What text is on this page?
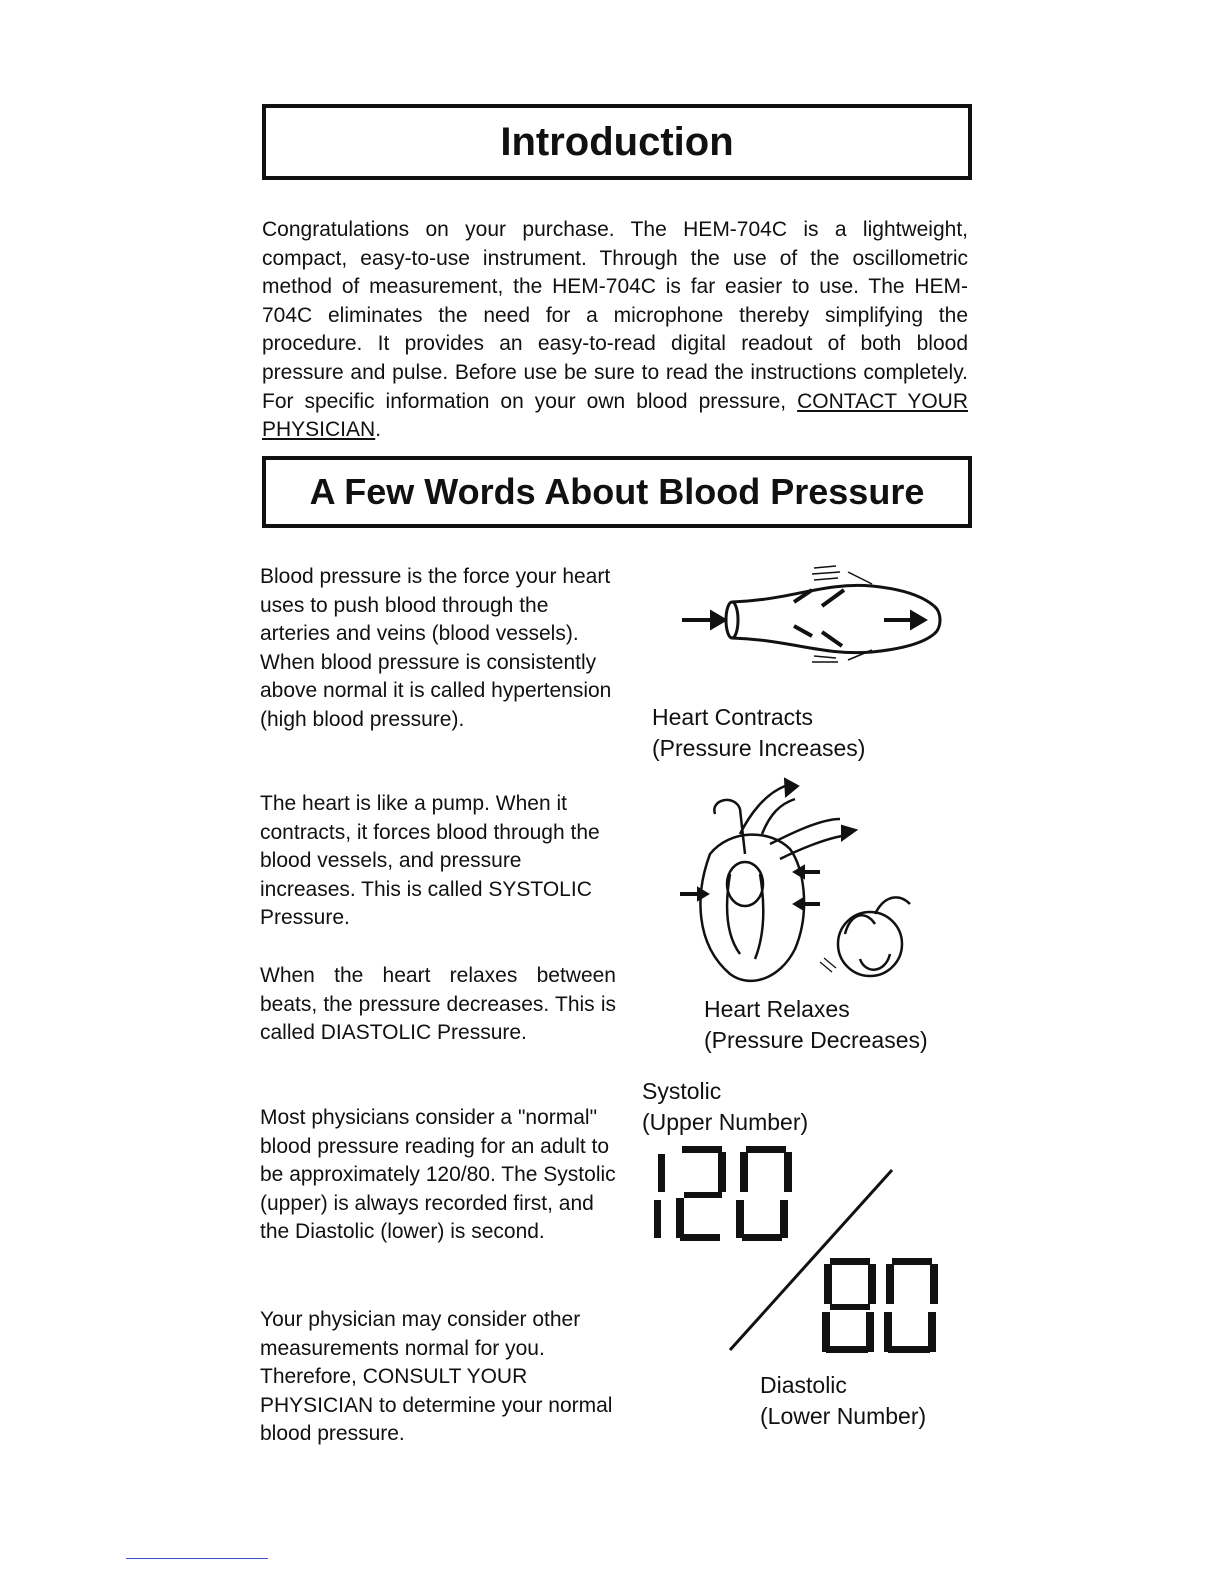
Introduction

Congratulations on your purchase. The HEM-704C is a lightweight, compact, easy-to-use instrument. Through the use of the oscillometric method of measurement, the HEM-704C is far easier to use. The HEM-704C eliminates the need for a microphone thereby simplifying the procedure. It provides an easy-to-read digital readout of both blood pressure and pulse. Before use be sure to read the instructions completely. For specific information on your own blood pressure, CONTACT YOUR PHYSICIAN.

A Few Words About Blood Pressure

Blood pressure is the force your heart uses to push blood through the arteries and veins (blood vessels). When blood pressure is consistently above normal it is called hypertension (high blood pressure).

The heart is like a pump. When it contracts, it forces blood through the blood vessels, and pressure increases. This is called SYSTOLIC Pressure.

When the heart relaxes between beats, the pressure decreases. This is called DIASTOLIC Pressure.

Most physicians consider a "normal" blood pressure reading for an adult to be approximately 120/80. The Systolic (upper) is always recorded first, and the Diastolic (lower) is second.

Your physician may consider other measurements normal for you. Therefore, CONSULT YOUR PHYSICIAN to determine your normal blood pressure.

Heart Contracts
(Pressure Increases)

Heart Relaxes
(Pressure Decreases)

Systolic
(Upper Number)

Diastolic
(Lower Number)
